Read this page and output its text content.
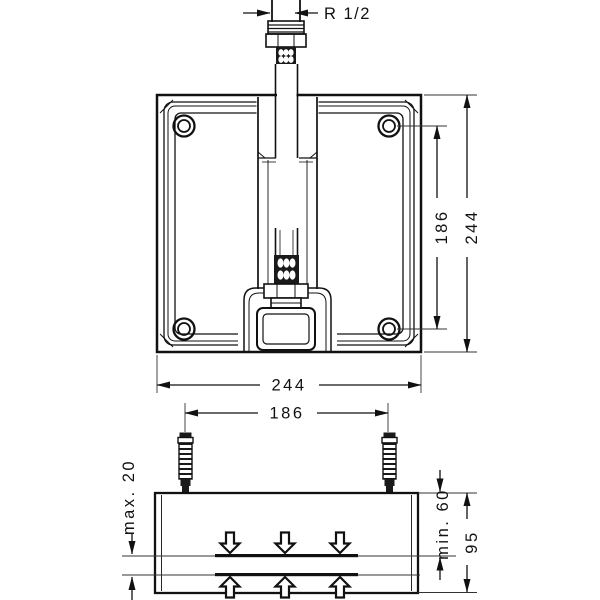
R 1/2
186 244
244
186
max. 20	min. 60 95
